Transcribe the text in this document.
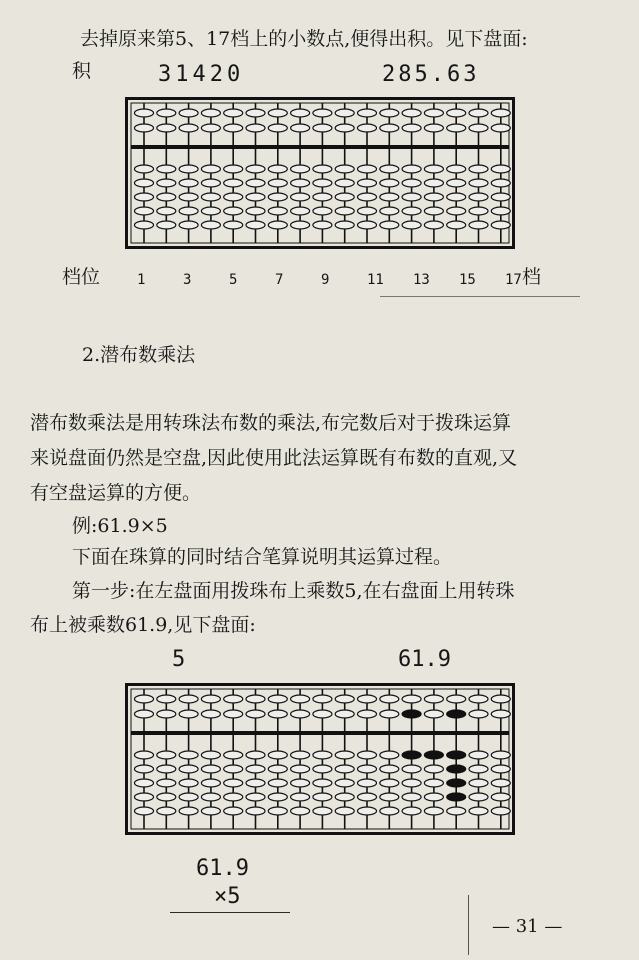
去掉原来第5、17档上的小数点,便得出积。见下盘面:
积	31420	285.63
档位	档
1	3	5	7	9	11 13 15 17
2.潜布数乘法
潜布数乘法是用转珠法布数的乘法,布完数后对于拨珠运算
来说盘面仍然是空盘,因此使用此法运算既有布数的直观,又
有空盘运算的方便。
例:61.9×5
下面在珠算的同时结合笔算说明其运算过程。
第一步:在左盘面用拨珠布上乘数5,在右盘面上用转珠
布上被乘数61.9,见下盘面:
5	61.9
61.9
×5
— 31 —
